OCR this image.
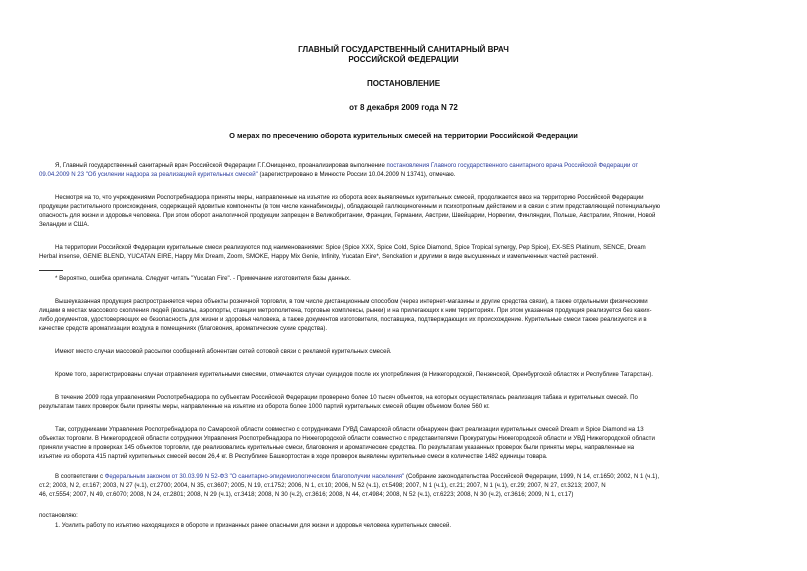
ГЛАВНЫЙ ГОСУДАРСТВЕННЫЙ САНИТАРНЫЙ ВРАЧ
РОССИЙСКОЙ ФЕДЕРАЦИИ
ПОСТАНОВЛЕНИЕ
от 8 декабря 2009 года N 72
О мерах по пресечению оборота курительных смесей на территории Российской Федерации
Я, Главный государственный санитарный врач Российской Федерации Г.Г.Онищенко, проанализировав выполнение постановления Главного государственного санитарного врача Российской Федерации от
09.04.2009 N 23 "Об усилении надзора за реализацией курительных смесей" (зарегистрировано в Минюсте России 10.04.2009 N 13741), отмечаю.
Несмотря на то, что учреждениями Роспотребнадзора приняты меры, направленные на изъятие из оборота всех выявляемых курительных смесей, продолжается ввоз на территорию Российской Федерации
продукции растительного происхождения, содержащей ядовитые компоненты (в том числе каннабиноиды), обладающей галлюциногенным и психотропным действием и в связи с этим представляющей потенциальную
опасность для жизни и здоровья человека. При этом оборот аналогичной продукции запрещен в Великобритании, Франции, Германии, Австрии, Швейцарии, Норвегии, Финляндии, Польше, Австралии, Японии, Новой
Зеландии и США.
На территории Российской Федерации курительные смеси реализуются под наименованиями: Spice (Spice XXX, Spice Cold, Spice Diamond, Spice Tropical synergy, Pep Spice), EX-SES Platinum, SENCE, Dream
Herbal insense, GENIE BLEND, YUCATAN EIRE, Happy Mix Dream, Zoom, SMOKE, Happy Mix Genie, Infinity, Yucatan Eire*, Senckation и другими в виде высушенных и измельченных частей растений.
* Вероятно, ошибка оригинала. Следует читать "Yucatan Fire". - Примечание изготовителя базы данных.
Вышеуказанная продукция распространяется через объекты розничной торговли, в том числе дистанционным способом (через интернет-магазины и другие средства связи), а также отдельными физическими
лицами в местах массового скопления людей (вокзалы, аэропорты, станции метрополитена, торговые комплексы, рынки) и на прилегающих к ним территориях. При этом указанная продукция реализуется без каких-
либо документов, удостоверяющих ее безопасность для жизни и здоровья человека, а также документов изготовителя, поставщика, подтверждающих их происхождение. Курительные смеси также реализуются и в
качестве средств ароматизации воздуха в помещениях (благовония, ароматические сухие средства).
Имеют место случаи массовой рассылки сообщений абонентам сетей сотовой связи с рекламой курительных смесей.
Кроме того, зарегистрированы случаи отравления курительными смесями, отмечаются случаи суицидов после их употребления (в Нижегородской, Пензенской, Оренбургской областях и Республике Татарстан).
В течение 2009 года управлениями Роспотребнадзора по субъектам Российской Федерации проверено более 10 тысяч объектов, на которых осуществлялась реализация табака и курительных смесей. По
результатам таких проверок были приняты меры, направленные на изъятие из оборота более 1000 партий курительных смесей общим объемом более 560 кг.
Так, сотрудниками Управления Роспотребнадзора по Самарской области совместно с сотрудниками ГУВД Самарской области обнаружен факт реализации курительных смесей Dream и Spice Diamond на 13
объектах торговли. В Нижегородской области сотрудники Управления Роспотребнадзора по Нижегородской области совместно с представителями Прокуратуры Нижегородской области и УВД Нижегородской области
приняли участие в проверках 145 объектов торговли, где реализовались курительные смеси, благовония и ароматические средства. По результатам указанных проверок были приняты меры, направленные на
изъятие из оборота 415 партий курительных смесей весом 26,4 кг. В Республике Башкортостан в ходе проверок выявлены курительные смеси в количестве 1482 единицы товара.
В соответствии с Федеральным законом от 30.03.99 N 52-ФЗ "О санитарно-эпидемиологическом благополучии населения" (Собрание законодательства Российской Федерации, 1999, N 14, ст.1650; 2002, N 1 (ч.1),
ст.2; 2003, N 2, ст.167; 2003, N 27 (ч.1), ст.2700; 2004, N 35, ст.3607; 2005, N 19, ст.1752; 2006, N 1, ст.10; 2006, N 52 (ч.1), ст.5498; 2007, N 1 (ч.1), ст.21; 2007, N 1 (ч.1), ст.29; 2007, N 27, ст.3213; 2007, N
46, ст.5554; 2007, N 49, ст.6070; 2008, N 24, ст.2801; 2008, N 29 (ч.1), ст.3418; 2008, N 30 (ч.2), ст.3616; 2008, N 44, ст.4984; 2008, N 52 (ч.1), ст.6223; 2008, N 30 (ч.2), ст.3616; 2009, N 1, ст.17)
постановляю:
1. Усилить работу по изъятию находящихся в обороте и признанных ранее опасными для жизни и здоровья человека курительных смесей.
